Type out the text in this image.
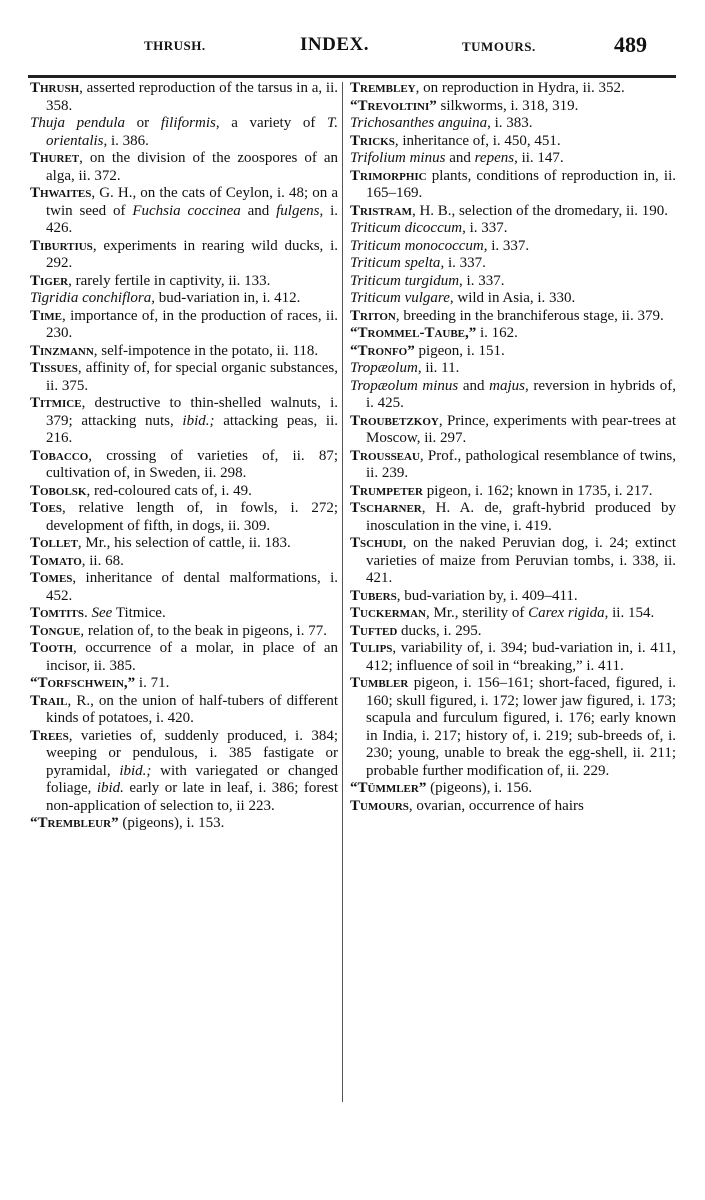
THRUSH.	INDEX.	TUMOURS.	489
Thrush, asserted reproduction of the tarsus in a, ii. 358.
Thuja pendula or filiformis, a variety of T. orientalis, i. 386.
Thuret, on the division of the zoospores of an alga, ii. 372.
Thwaites, G. H., on the cats of Ceylon, i. 48; on a twin seed of Fuchsia coccinea and fulgens, i. 426.
Tiburtius, experiments in rearing wild ducks, i. 292.
Tiger, rarely fertile in captivity, ii. 133.
Tigridia conchiflora, bud-variation in, i. 412.
Time, importance of, in the production of races, ii. 230.
Tinzmann, self-impotence in the potato, ii. 118.
Tissues, affinity of, for special organic substances, ii. 375.
Titmice, destructive to thin-shelled walnuts, i. 379; attacking nuts, ibid.; attacking peas, ii. 216.
Tobacco, crossing of varieties of, ii. 87; cultivation of, in Sweden, ii. 298.
Tobolsk, red-coloured cats of, i. 49.
Toes, relative length of, in fowls, i. 272; development of fifth, in dogs, ii. 309.
Tollet, Mr., his selection of cattle, ii. 183.
Tomato, ii. 68.
Tomes, inheritance of dental malformations, i. 452.
Tomtits. See Titmice.
Tongue, relation of, to the beak in pigeons, i. 77.
Tooth, occurrence of a molar, in place of an incisor, ii. 385.
“Torfschwein,” i. 71.
Trail, R., on the union of half-tubers of different kinds of potatoes, i. 420.
Trees, varieties of, suddenly produced, i. 384; weeping or pendulous, i. 385 fastigate or pyramidal, ibid.; with variegated or changed foliage, ibid. early or late in leaf, i. 386; forest non-application of selection to, ii 223.
“Trembleur” (pigeons), i. 153.
Trembley, on reproduction in Hydra, ii. 352.
“Trevoltini” silkworms, i. 318, 319.
Trichosanthes anguina, i. 383.
Tricks, inheritance of, i. 450, 451.
Trifolium minus and repens, ii. 147.
Trimorphic plants, conditions of reproduction in, ii. 165–169.
Tristram, H. B., selection of the dromedary, ii. 190.
Triticum dicoccum, i. 337.
Triticum monococcum, i. 337.
Triticum spelta, i. 337.
Triticum turgidum, i. 337.
Triticum vulgare, wild in Asia, i. 330.
Triton, breeding in the branchiferous stage, ii. 379.
“Trommel-Taube,” i. 162.
“Tronfo” pigeon, i. 151.
Tropæolum, ii. 11.
Tropæolum minus and majus, reversion in hybrids of, i. 425.
Troubetzkoy, Prince, experiments with pear-trees at Moscow, ii. 297.
Trousseau, Prof., pathological resemblance of twins, ii. 239.
Trumpeter pigeon, i. 162; known in 1735, i. 217.
Tscharner, H. A. de, graft-hybrid produced by inosculation in the vine, i. 419.
Tschudi, on the naked Peruvian dog, i. 24; extinct varieties of maize from Peruvian tombs, i. 338, ii. 421.
Tubers, bud-variation by, i. 409–411.
Tuckerman, Mr., sterility of Carex rigida, ii. 154.
Tufted ducks, i. 295.
Tulips, variability of, i. 394; bud-variation in, i. 411, 412; influence of soil in “breaking,” i. 411.
Tumbler pigeon, i. 156–161; short-faced, figured, i. 160; skull figured, i. 172; lower jaw figured, i. 173; scapula and furculum figured, i. 176; early known in India, i. 217; history of, i. 219; sub-breeds of, i. 230; young, unable to break the egg-shell, ii. 211; probable further modification of, ii. 229.
“Tümmler” (pigeons), i. 156.
Tumours, ovarian, occurrence of hairs
